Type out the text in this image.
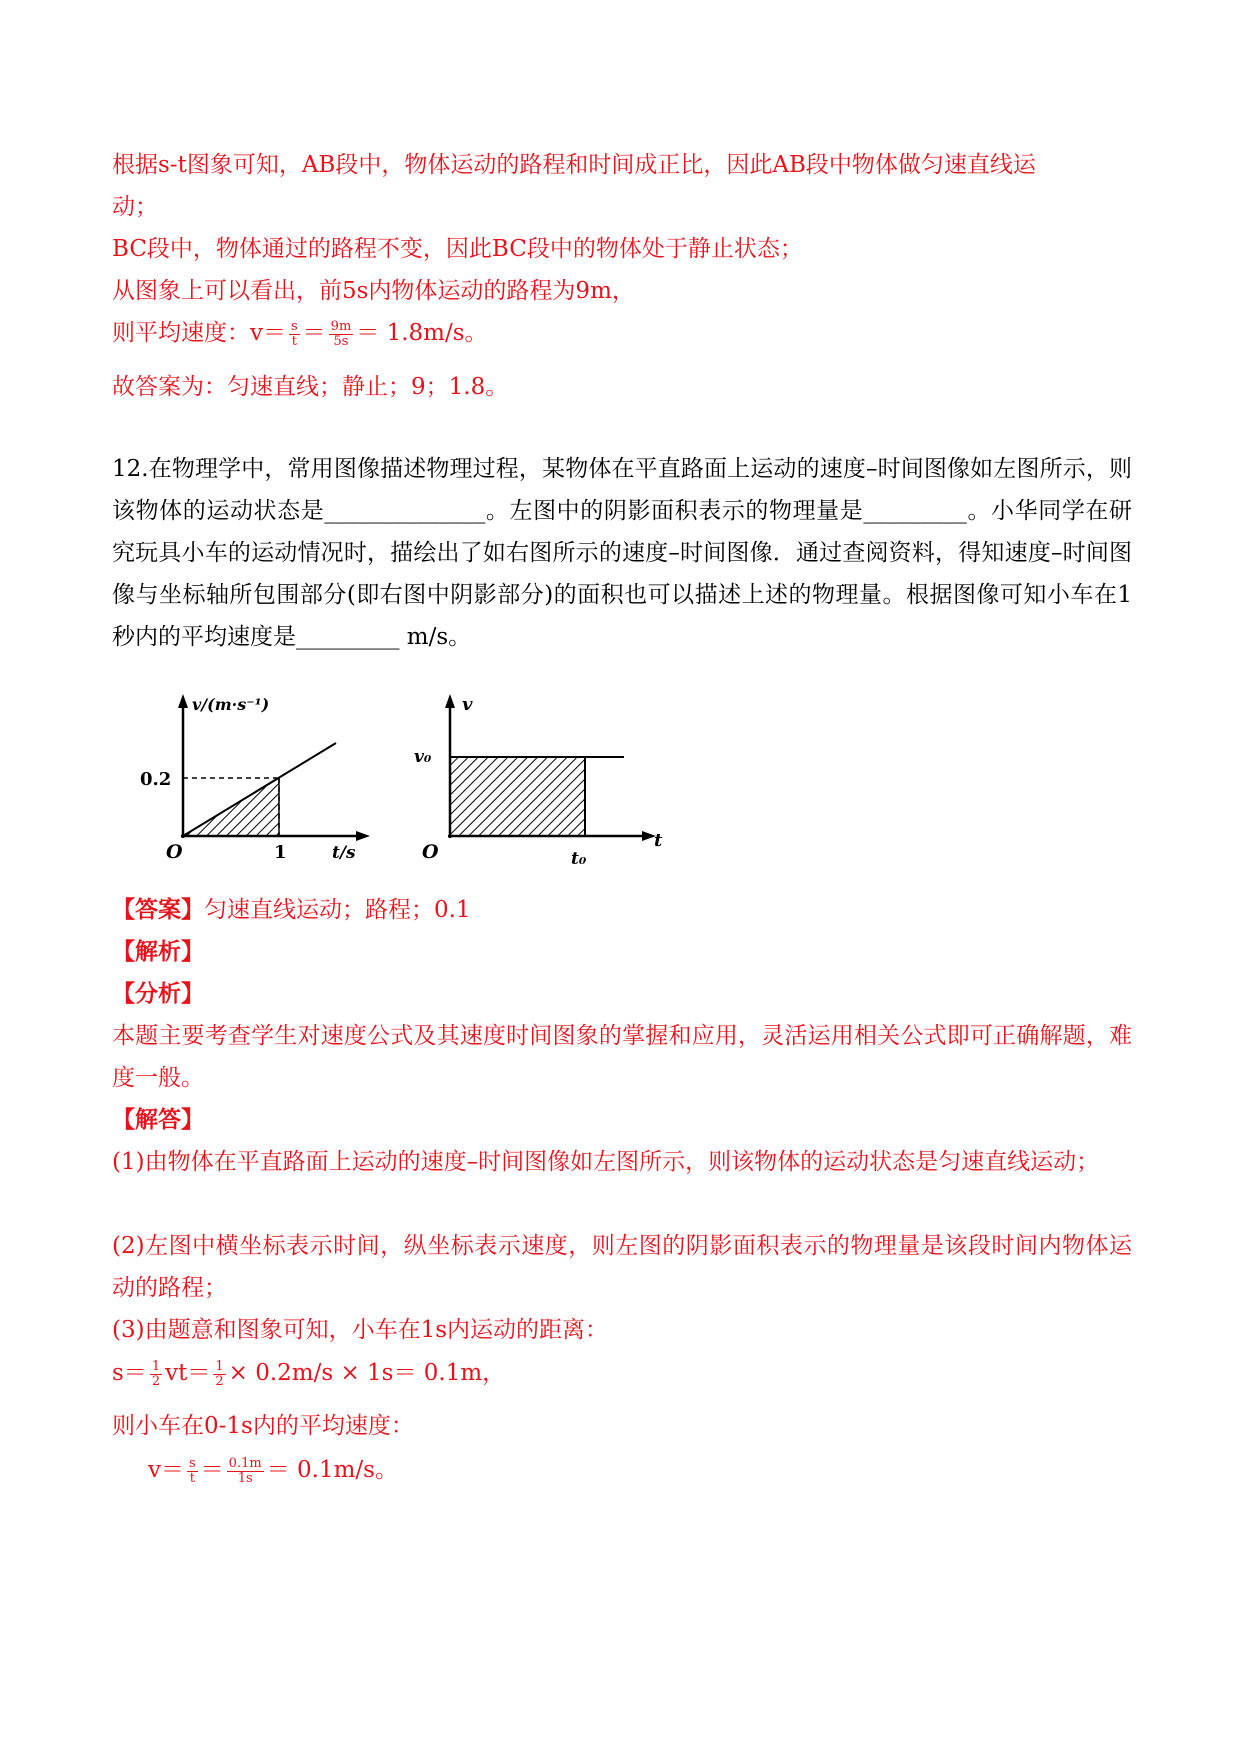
根据s-t图象可知，AB段中，物体运动的路程和时间成正比，因此AB段中物体做匀速直线运
动；
BC段中，物体通过的路程不变，因此BC段中的物体处于静止状态；
从图象上可以看出，前5s内物体运动的路程为9m，
则平均速度：$v= \frac{s}{t} = \frac{9m}{5s} = 1.8m/s$。
故答案为：匀速直线；静止；9；1.8。
12.在物理学中，常用图像描述物理过程，某物体在平直路面上运动的速度–时间图像如左图所示，则该物体的运动状态是______________。左图中的阴影面积表示的物理量是_________。小华同学在研究玩具小车的运动情况时，描绘出了如右图所示的速度–时间图像．通过查阅资料，得知速度–时间图像与坐标轴所包围部分(即右图中阴影部分)的面积也可以描述上述的物理量。根据图像可知小车在1秒内的平均速度是_________ m/s。
v/(m·s⁻¹)
0.2
O	1	t/s
v
v₀
O	t₀
t
【答案】匀速直线运动；路程；0.1
【解析】
【分析】
本题主要考查学生对速度公式及其速度时间图象的掌握和应用，灵活运用相关公式即可正确解题，难度一般。
【解答】
(1)由物体在平直路面上运动的速度–时间图像如左图所示，则该物体的运动状态是匀速直线运动；
(2)左图中横坐标表示时间，纵坐标表示速度，则左图的阴影面积表示的物理量是该段时间内物体运动的路程；
(3)由题意和图象可知，小车在1s内运动的距离：
$s= \frac{1}{2} vt= \frac{1}{2} \times 0.2m/s \times 1s= 0.1m$，
则小车在0-1s内的平均速度：
$v= \frac{s}{t} = \frac{0.1m}{1s} = 0.1m/s$。
